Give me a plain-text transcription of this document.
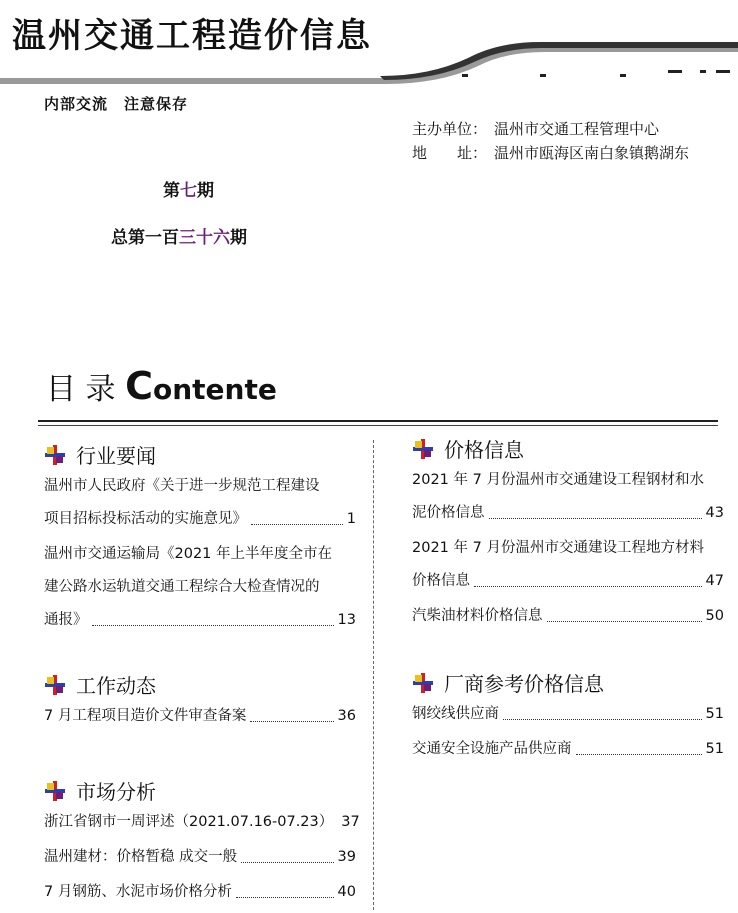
温州交通工程造价信息
内部交流 注意保存
主办单位： 温州市交通工程管理中心
地　　址： 温州市瓯海区南白象镇鹅湖东
第七期
总第一百三十六期
目 录 Contente
行业要闻
温州市人民政府《关于进一步规范工程建设
项目招标投标活动的实施意见》	1
温州市交通运输局《2021 年上半年度全市在
建公路水运轨道交通工程综合大检查情况的
通报》	13
工作动态
7 月工程项目造价文件审查备案	36
市场分析
浙江省钢市一周评述（2021.07.16-07.23） 37
温州建材：价格暂稳 成交一般	39
7 月钢筋、水泥市场价格分析	40
价格信息
2021 年 7 月份温州市交通建设工程钢材和水
泥价格信息	43
2021 年 7 月份温州市交通建设工程地方材料
价格信息	47
汽柴油材料价格信息	50
厂商参考价格信息
钢绞线供应商	51
交通安全设施产品供应商	51
